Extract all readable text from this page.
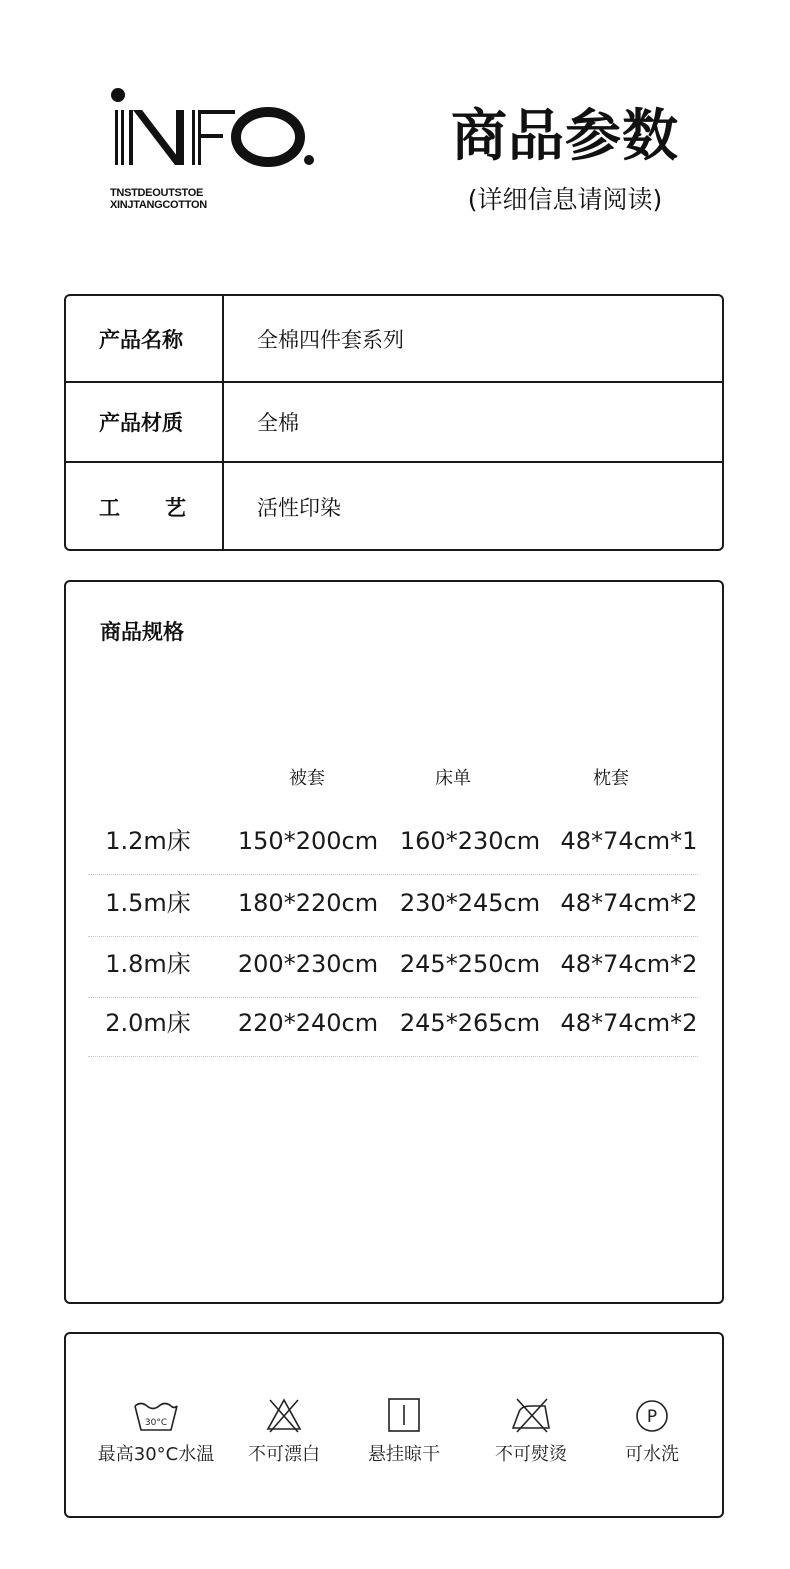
TNSTDEOUTSTOE
XINJTANGCOTTON
商品参数
(详细信息请阅读)
产品名称	全棉四件套系列
产品材质	全棉
工 艺	活性印染
商品规格
被套	床单	枕套
1.2m床	150*200cm 160*230cm 48*74cm*1
1.5m床	180*220cm 230*245cm 48*74cm*2
1.8m床	200*230cm 245*250cm 48*74cm*2
2.0m床	220*240cm 245*265cm 48*74cm*2
30°C
最高30°C水温	不可漂白	悬挂晾干	不可熨烫
P
可水洗
